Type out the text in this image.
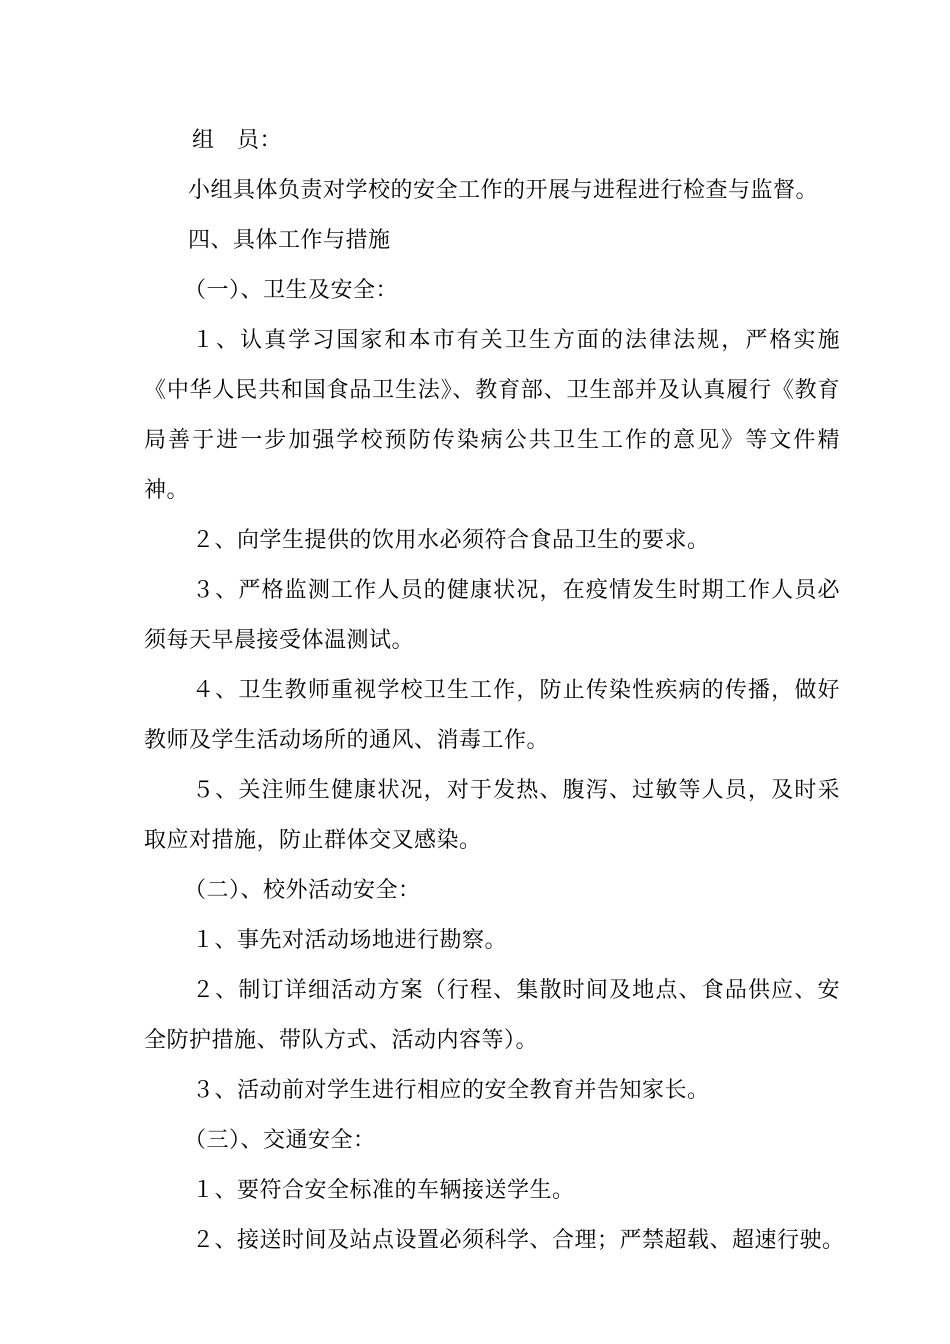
组　员：

小组具体负责对学校的安全工作的开展与进程进行检查与监督。

四、具体工作与措施

（一）、卫生及安全：

１、认真学习国家和本市有关卫生方面的法律法规，严格实施《中华人民共和国食品卫生法》、教育部、卫生部并及认真履行《教育局善于进一步加强学校预防传染病公共卫生工作的意见》等文件精神。

２、向学生提供的饮用水必须符合食品卫生的要求。

３、严格监测工作人员的健康状况，在疫情发生时期工作人员必须每天早晨接受体温测试。

４、卫生教师重视学校卫生工作，防止传染性疾病的传播，做好教师及学生活动场所的通风、消毒工作。

５、关注师生健康状况，对于发热、腹泻、过敏等人员，及时采取应对措施，防止群体交叉感染。

（二）、校外活动安全：

１、事先对活动场地进行勘察。

２、制订详细活动方案（行程、集散时间及地点、食品供应、安全防护措施、带队方式、活动内容等）。

３、活动前对学生进行相应的安全教育并告知家长。

（三）、交通安全：

１、要符合安全标准的车辆接送学生。

２、接送时间及站点设置必须科学、合理；严禁超载、超速行驶。
